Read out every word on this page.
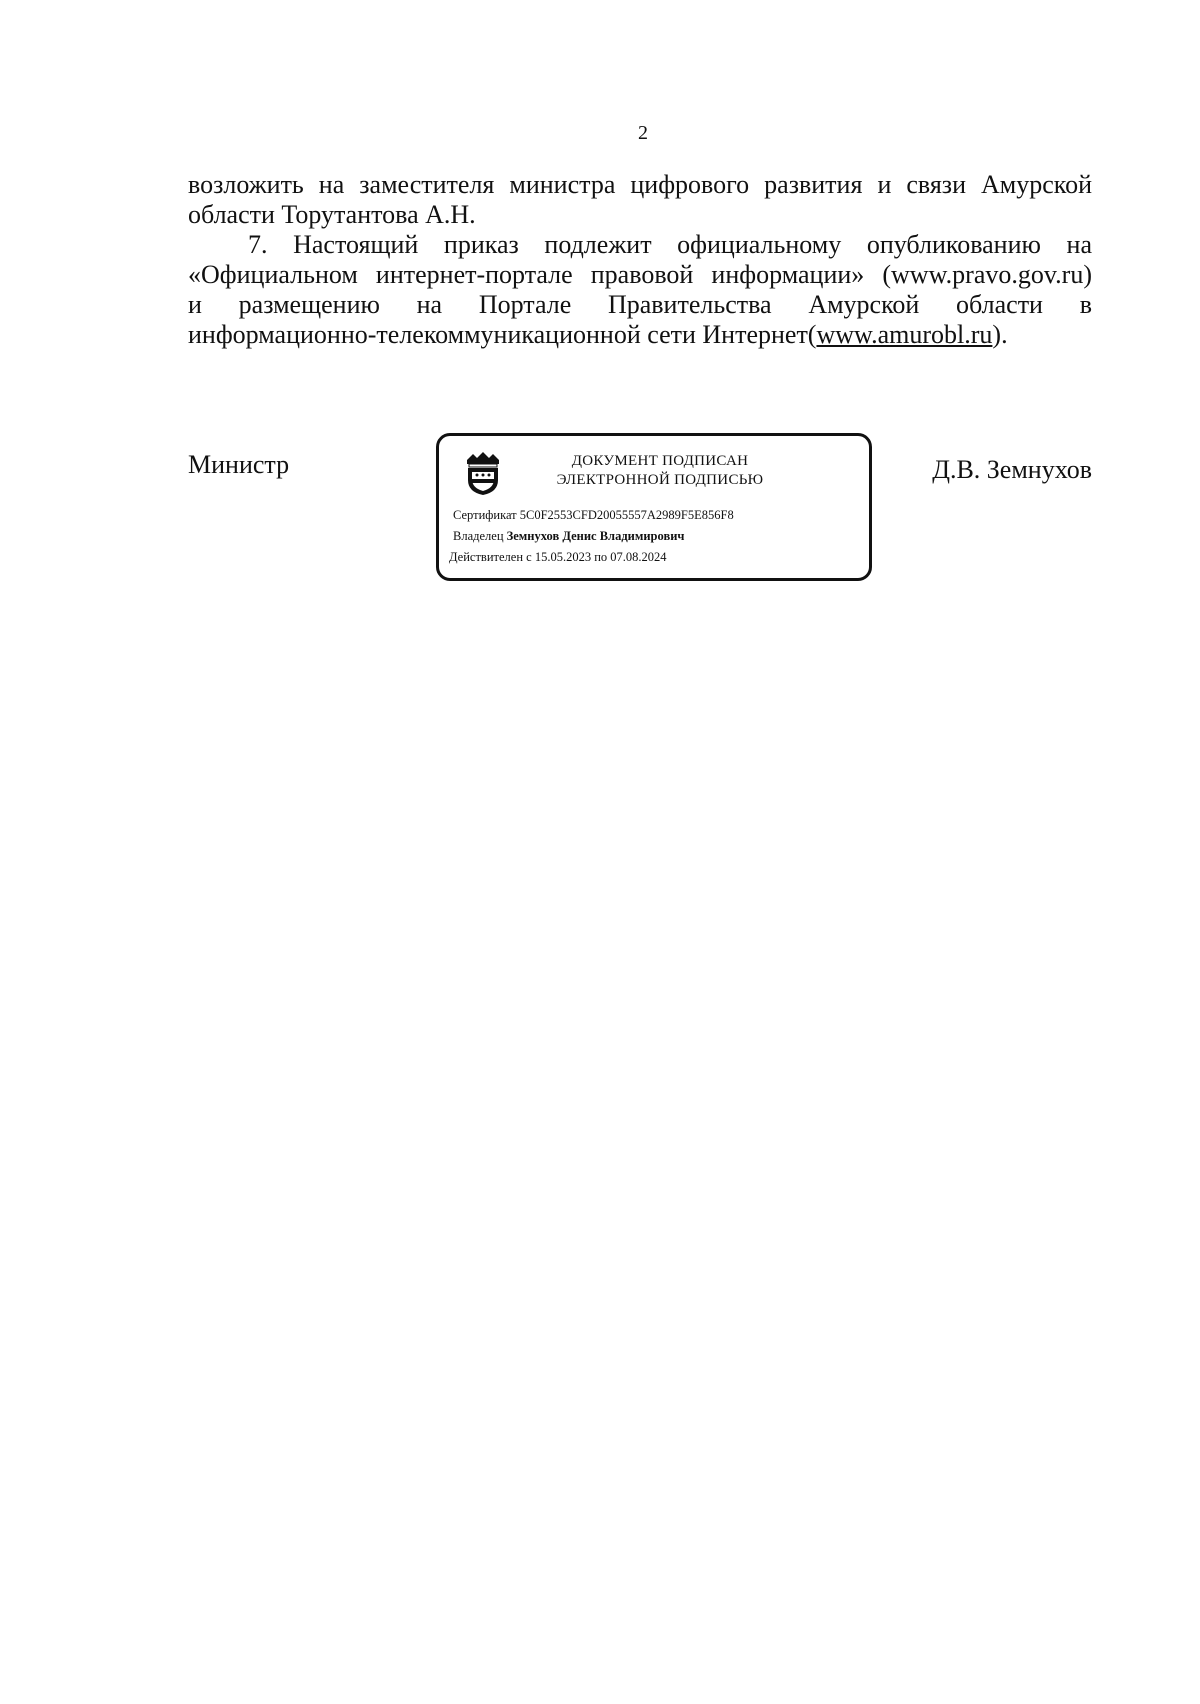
2
возложить на заместителя министра цифрового развития и связи Амурской
области Торутантова А.Н.
7. Настоящий приказ подлежит официальному опубликованию на
«Официальном интернет-портале правовой информации» (www.pravo.gov.ru)
и размещению на Портале Правительства Амурской области в
информационно-телекоммуникационной сети Интернет(www.amurobl.ru).
Министр	ДОКУМЕНТ ПОДПИСАН
ЭЛЕКТРОННОЙ ПОДПИСЬЮ
Сертификат 5C0F2553CFD20055557A2989F5E856F8
Владелец Земнухов Денис Владимирович
Действителен с 15.05.2023 по 07.08.2024
Д.В. Земнухов
